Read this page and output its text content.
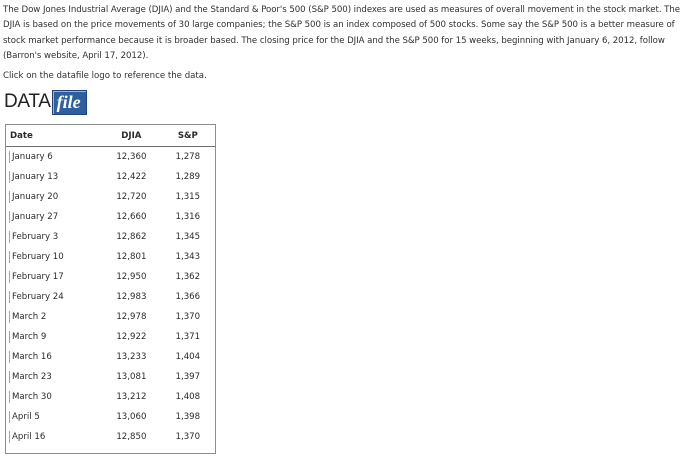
The Dow Jones Industrial Average (DJIA) and the Standard & Poor's 500 (S&P 500) indexes are used as measures of overall movement in the stock market. The DJIA is based on the price movements of 30 large companies; the S&P 500 is an index composed of 500 stocks. Some say the S&P 500 is a better measure of stock market performance because it is broader based. The closing price for the DJIA and the S&P 500 for 15 weeks, beginning with January 6, 2012, follow (Barron's website, April 17, 2012).
Click on the datafile logo to reference the data.
DATA file
Date	DJIA	S&P
January 6	12,360	1,278
January 13	12,422	1,289
January 20	12,720	1,315
January 27	12,660	1,316
February 3	12,862	1,345
February 10	12,801	1,343
February 17	12,950	1,362
February 24	12,983	1,366
March 2	12,978	1,370
March 9	12,922	1,371
March 16	13,233	1,404
March 23	13,081	1,397
March 30	13,212	1,408
April 5	13,060	1,398
April 16	12,850	1,370
